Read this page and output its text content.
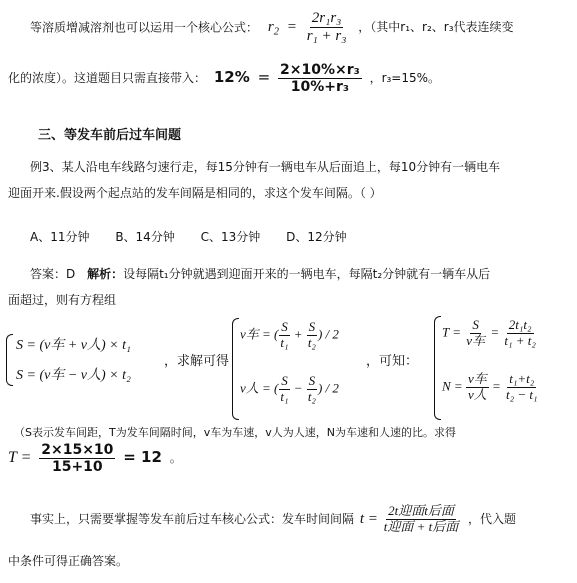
等溶质增减溶剂也可以运用一个核心公式： $r_2 = \frac{\text{2r₁r₃}}{\text{r₁ + r₃}}$ ，（其中r₁、r₂、r₃代表连续变
化的浓度）。这道题目只需直接带入： $12\% = \frac{\text{2×10\%×r₃}}{\text{10\%+r₃}}$ ，r₃=15%。
三、等发车前后过车间题
例3、某人沿电车线路匀速行走，每15分钟有一辆电车从后面追上，每10分钟有一辆电车
迎面开来.假设两个起点站的发车间隔是相同的，求这个发车间隔。（ ）
A、11分钟 B、14分钟 C、13分钟 D、12分钟
答案：D 解析：设每隔t₁分钟就遇到迎面开来的一辆电车，每隔t₂分钟就有一辆车从后
面超过，则有方程组
S = (v车 + v人) × t₁
S = (v车 − v人) × t₂
，求解可得
v车 = ( $\frac{S}{\text{t₁}} + \frac{S}{\text{t₂}}$ ) / 2
v人 = ( $\frac{S}{\text{t₁}} - \frac{S}{\text{t₂}}$ ) / 2
，可知：
$T = \frac{S}{\text{v车}} = \frac{\text{2t₁t₂}}{\text{t₁ + t₂}}$
$N = \frac{\text{v车}}{\text{v人}} = \frac{\text{t₁+t₂}}{\text{t₂ − t₁}}$
（S表示发车间距，T为发车间隔时间，v车为车速，v人为人速，N为车速和人速的比。求得
$T = \frac{2\times 15\times 10}{15+10} = 12$ 。
事实上，只需要掌握等发车前后过车核心公式：发车时间间隔 $t = \frac{\text{2t迎面t后面}}{\text{t迎面 + t后面}}$ ，代入题
中条件可得正确答案。
